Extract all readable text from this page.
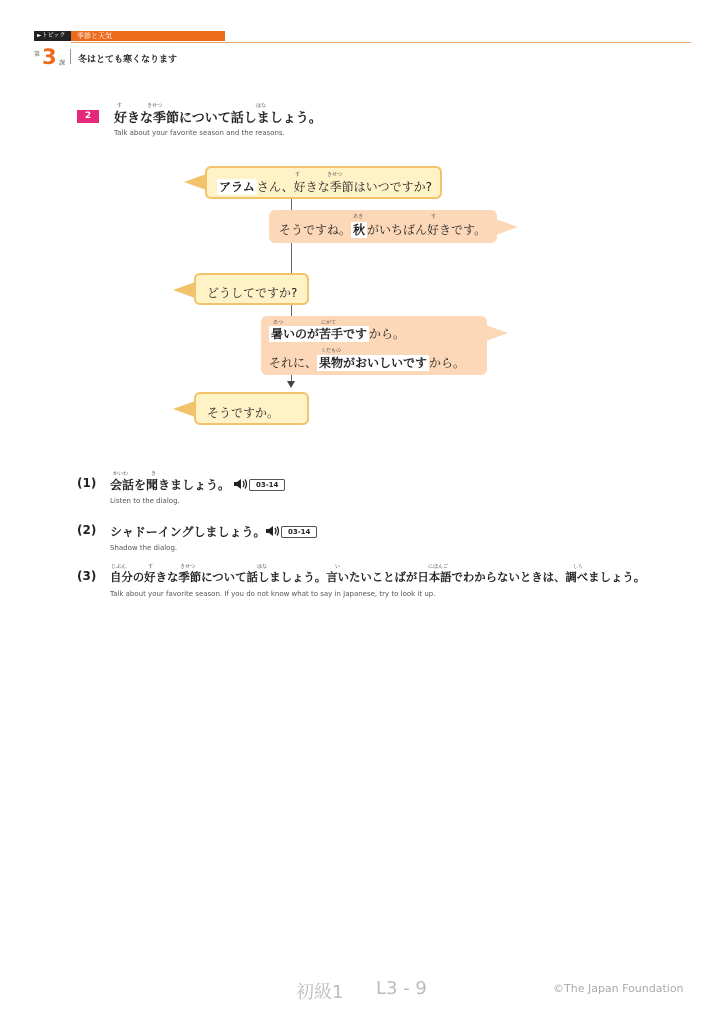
►トピック	季節と天気
第 3 課 冬はとても寒くなります
2
す	きせつ	はな
好きな季節について話しましょう。
Talk about your favorite season and the reasons.
す	きせつ
アラム さん、好きな季節はいつですか?
あき	す
そうですね。 秋 がいちばん好きです。
どうしてですか?
あつ	にがて
暑いのが苦手です から。
くだもの
それに、 果物がおいしいです から。
そうですか。
かいわ	き
(1) 会話を聞きましょう。	03-14
Listen to the dialog.
(2) シャドーイングしましょう。	03-14
Shadow the dialog.
じぶん	す	きせつ	はな	い	にほんご	しら
(3) 自分の好きな季節について話しましょう。言いたいことばが日本語でわからないときは、調べましょう。
Talk about your favorite season. If you do not know what to say in Japanese, try to look it up.
初級1 L3 - 9	©The Japan Foundation
